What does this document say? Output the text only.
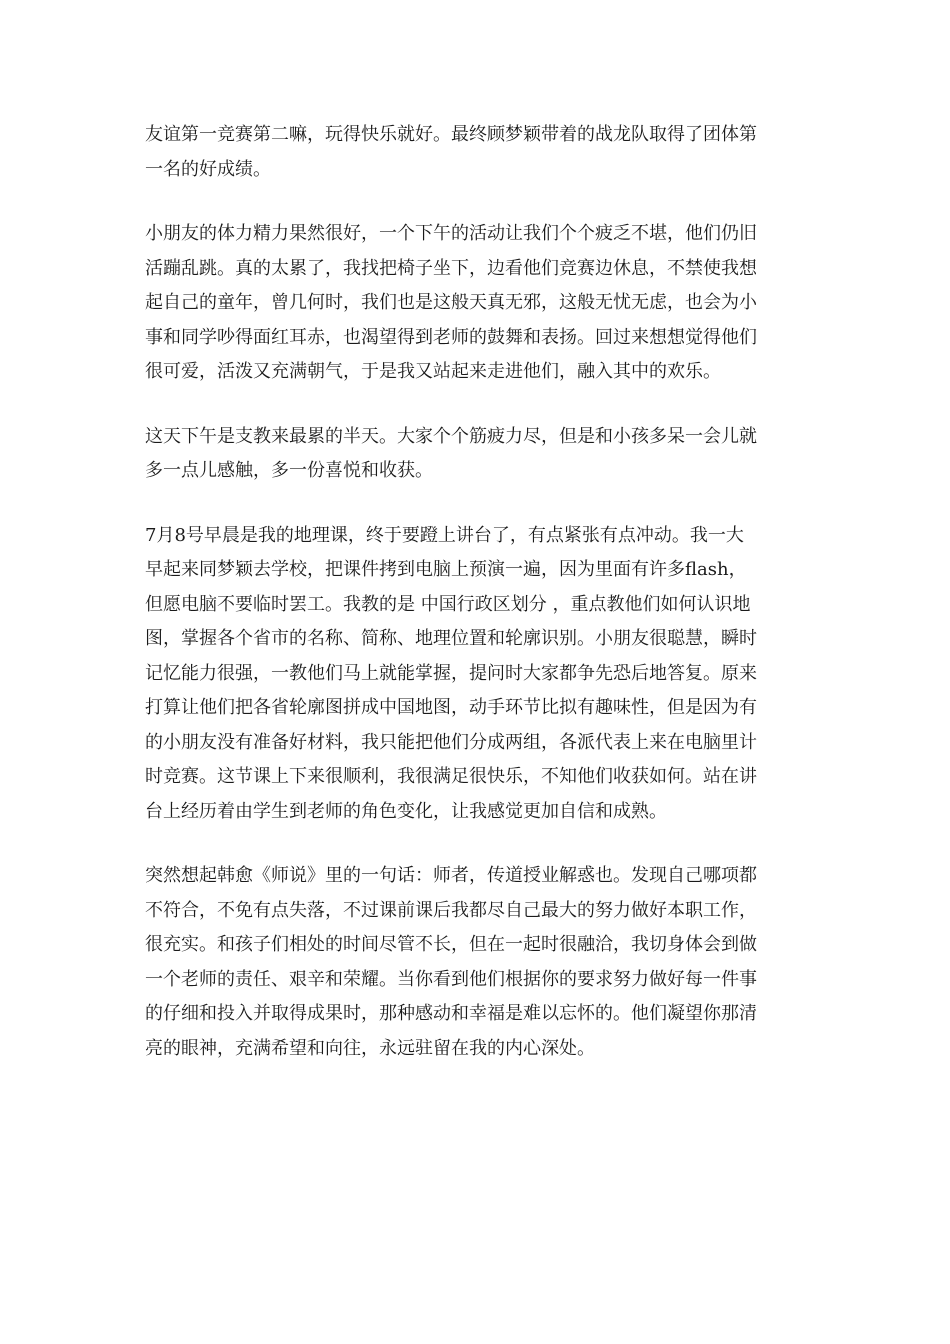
友谊第一竞赛第二嘛，玩得快乐就好。最终顾梦颖带着的战龙队取得了团体第
一名的好成绩。
小朋友的体力精力果然很好，一个下午的活动让我们个个疲乏不堪，他们仍旧
活蹦乱跳。真的太累了，我找把椅子坐下，边看他们竞赛边休息，不禁使我想
起自己的童年，曾几何时，我们也是这般天真无邪，这般无忧无虑，也会为小
事和同学吵得面红耳赤，也渴望得到老师的鼓舞和表扬。回过来想想觉得他们
很可爱，活泼又充满朝气，于是我又站起来走进他们，融入其中的欢乐。
这天下午是支教来最累的半天。大家个个筋疲力尽，但是和小孩多呆一会儿就
多一点儿感触，多一份喜悦和收获。
7月8号早晨是我的地理课，终于要蹬上讲台了，有点紧张有点冲动。我一大
早起来同梦颖去学校，把课件拷到电脑上预演一遍，因为里面有许多flash，
但愿电脑不要临时罢工。我教的是 中国行政区划分 ，重点教他们如何认识地
图，掌握各个省市的名称、简称、地理位置和轮廓识别。小朋友很聪慧，瞬时
记忆能力很强，一教他们马上就能掌握，提问时大家都争先恐后地答复。原来
打算让他们把各省轮廓图拼成中国地图，动手环节比拟有趣味性，但是因为有
的小朋友没有准备好材料，我只能把他们分成两组，各派代表上来在电脑里计
时竞赛。这节课上下来很顺利，我很满足很快乐，不知他们收获如何。站在讲
台上经历着由学生到老师的角色变化，让我感觉更加自信和成熟。
突然想起韩愈《师说》里的一句话：师者，传道授业解惑也。发现自己哪项都
不符合，不免有点失落，不过课前课后我都尽自己最大的努力做好本职工作，
很充实。和孩子们相处的时间尽管不长，但在一起时很融洽，我切身体会到做
一个老师的责任、艰辛和荣耀。当你看到他们根据你的要求努力做好每一件事
的仔细和投入并取得成果时，那种感动和幸福是难以忘怀的。他们凝望你那清
亮的眼神，充满希望和向往，永远驻留在我的内心深处。
